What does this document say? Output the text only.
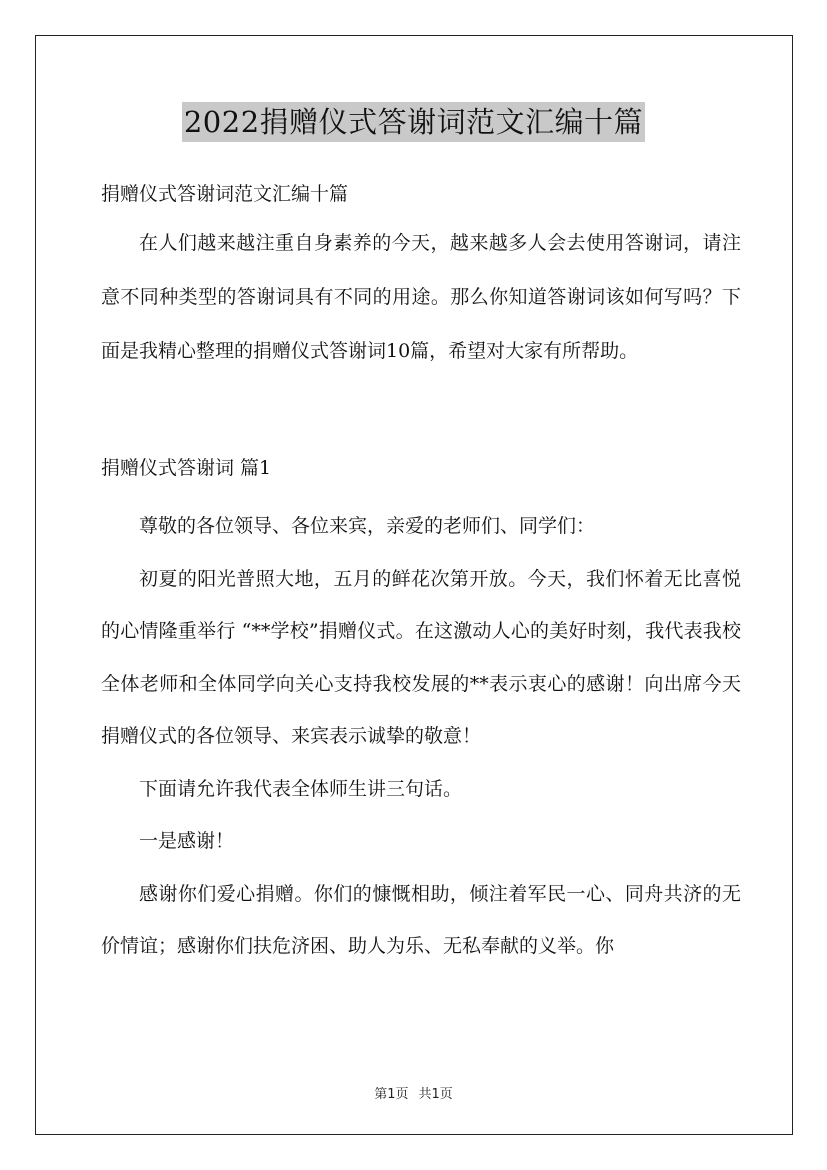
2022捐赠仪式答谢词范文汇编十篇

捐赠仪式答谢词范文汇编十篇

在人们越来越注重自身素养的今天，越来越多人会去使用答谢词，请注意不同种类型的答谢词具有不同的用途。那么你知道答谢词该如何写吗？下面是我精心整理的捐赠仪式答谢词10篇，希望对大家有所帮助。

捐赠仪式答谢词 篇1

尊敬的各位领导、各位来宾，亲爱的老师们、同学们：

初夏的阳光普照大地，五月的鲜花次第开放。今天，我们怀着无比喜悦的心情隆重举行 “**学校”捐赠仪式。在这激动人心的美好时刻，我代表我校全体老师和全体同学向关心支持我校发展的**表示衷心的感谢！向出席今天捐赠仪式的各位领导、来宾表示诚挚的敬意！

下面请允许我代表全体师生讲三句话。

一是感谢！

感谢你们爱心捐赠。你们的慷慨相助，倾注着军民一心、同舟共济的无价情谊；感谢你们扶危济困、助人为乐、无私奉献的义举。你

第1页 共1页
